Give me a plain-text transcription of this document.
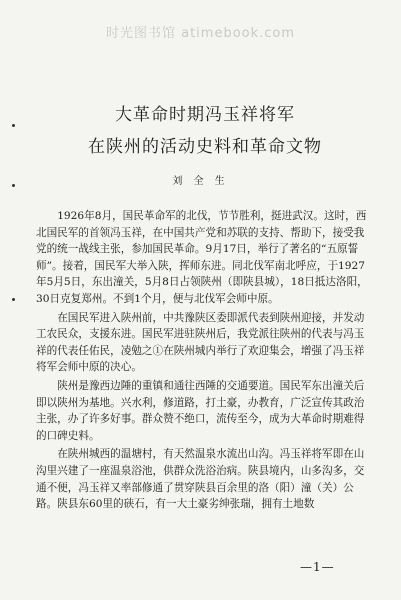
时光图书馆 atimebook.com
大革命时期冯玉祥将军
在陕州的活动史料和革命文物
刘 全 生

1926年8月，国民革命军的北伐，节节胜利，挺进武汉。这时，西北国民军的首领冯玉祥，在中国共产党和苏联的支持、帮助下，接受我党的统一战线主张，参加国民革命。9月17日，举行了著名的“五原誓师”。接着，国民军大举入陕，挥师东进。同北伐军南北呼应，于1927年5月5日，东出潼关，5月8日占领陕州（即陕县城），18日抵达洛阳，30日克复郑州。不到1个月，便与北伐军会师中原。

在国民军进入陕州前，中共豫陕区委即派代表到陕州迎接，并发动工农民众，支援东进。国民军进驻陕州后，我党派往陕州的代表与冯玉祥的代表任佑民，凌勉之①在陕州城内举行了欢迎集会，增强了冯玉祥将军会师中原的决心。

陕州是豫西边陲的重镇和通往西陲的交通要道。国民军东出潼关后即以陕州为基地。兴水利，修道路，打土豪，办教育，广泛宣传其政治主张，办了许多好事。群众赞不绝口，流传至今，成为大革命时期难得的口碑史料。

在陕州城西的温塘村，有天然温泉水流出山沟。冯玉祥将军即在山沟里兴建了一座温泉浴池，供群众洗浴治病。陕县境内，山多沟多，交通不便，冯玉祥又率部修通了贯穿陕县百余里的洛（阳）潼（关）公路。陕县东60里的硖石，有一大土豪劣绅张瑞，拥有土地数

—1—
